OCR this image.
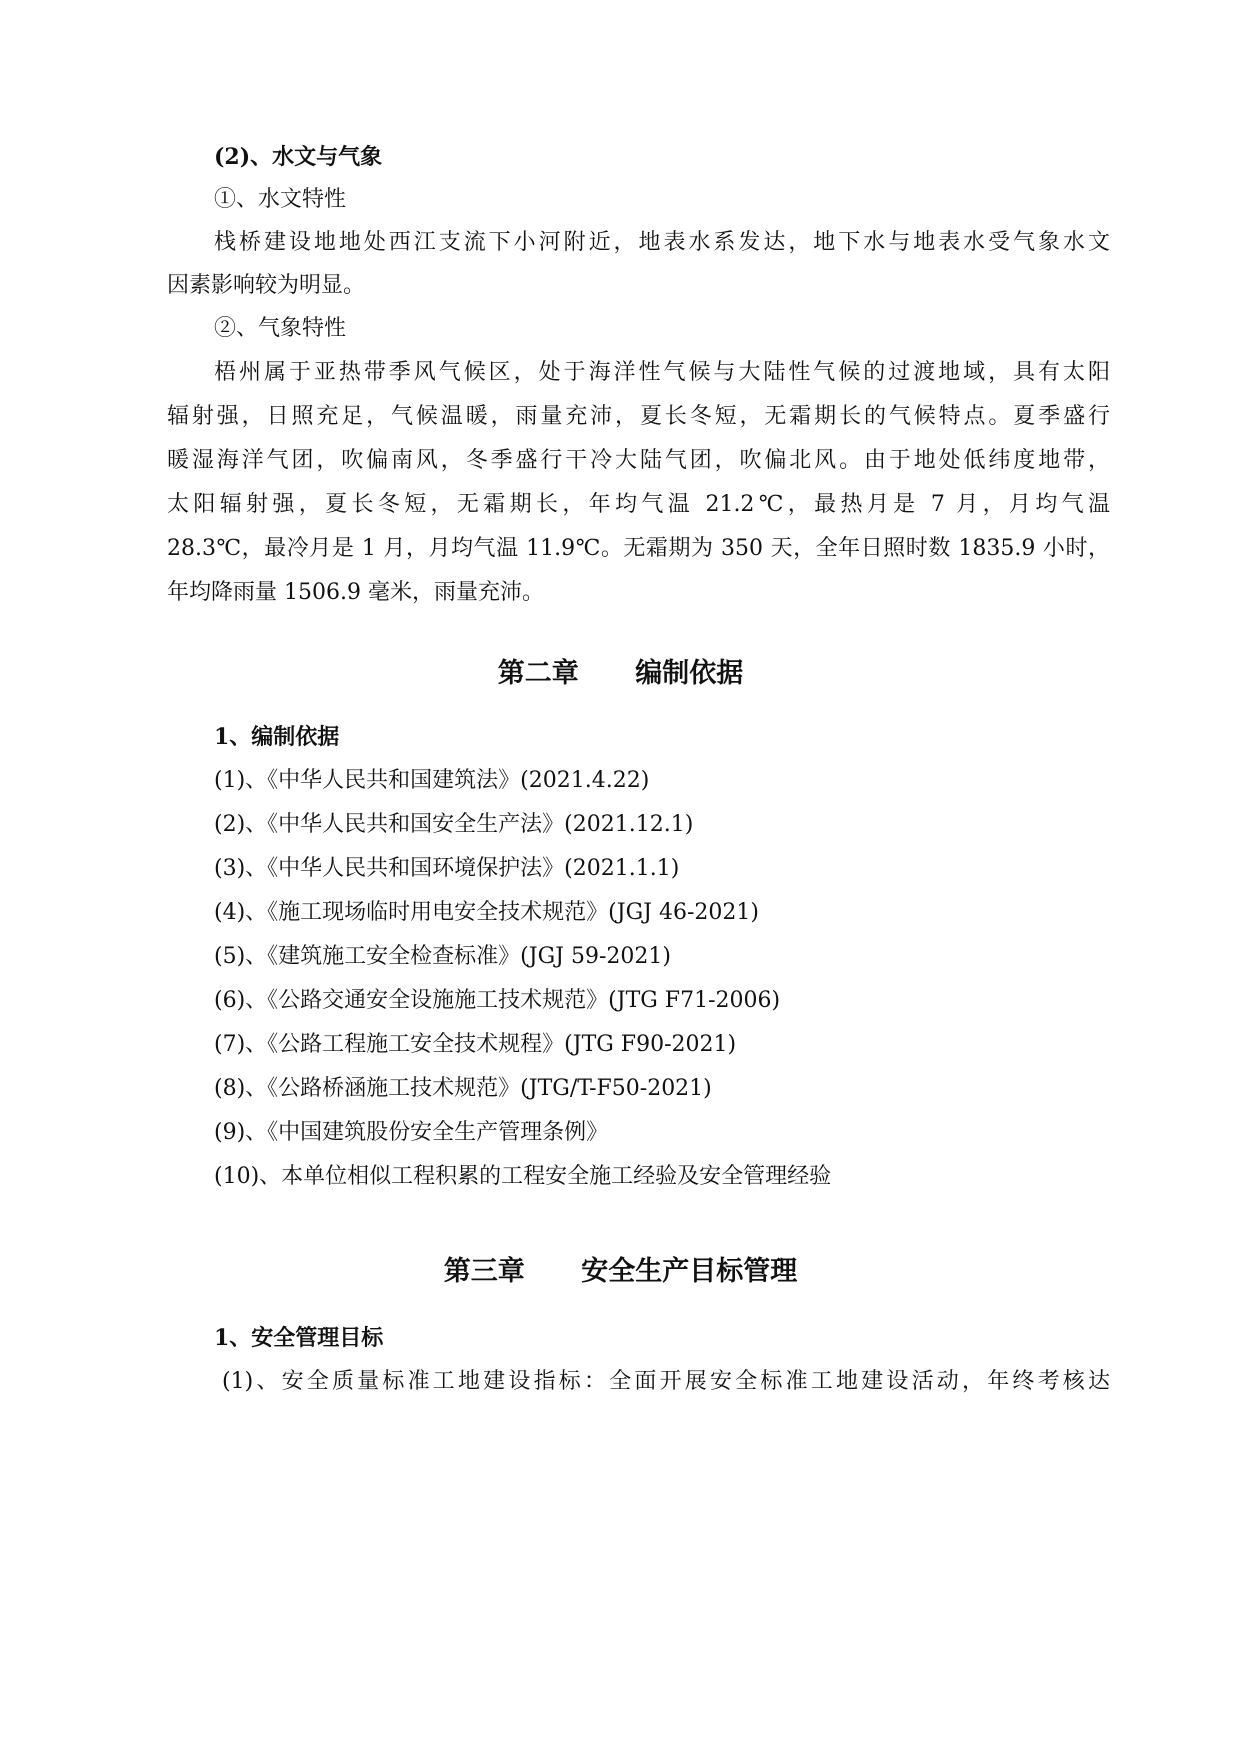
(2)、水文与气象
①、水文特性
栈桥建设地地处西江支流下小河附近，地表水系发达，地下水与地表水受气象水文
因素影响较为明显。
②、气象特性
梧州属于亚热带季风气候区，处于海洋性气候与大陆性气候的过渡地域，具有太阳
辐射强，日照充足，气候温暖，雨量充沛，夏长冬短，无霜期长的气候特点。夏季盛行
暖湿海洋气团，吹偏南风，冬季盛行干冷大陆气团，吹偏北风。由于地处低纬度地带，
太阳辐射强，夏长冬短，无霜期长，年均气温 21.2℃，最热月是 7 月，月均气温
28.3℃，最冷月是 1 月，月均气温 11.9℃。无霜期为 350 天，全年日照时数 1835.9 小时，
年均降雨量 1506.9 毫米，雨量充沛。
第二章      编制依据
1、编制依据
(1)、《中华人民共和国建筑法》(2021.4.22)
(2)、《中华人民共和国安全生产法》(2021.12.1)
(3)、《中华人民共和国环境保护法》(2021.1.1)
(4)、《施工现场临时用电安全技术规范》(JGJ 46-2021)
(5)、《建筑施工安全检查标准》(JGJ 59-2021)
(6)、《公路交通安全设施施工技术规范》(JTG F71-2006)
(7)、《公路工程施工安全技术规程》(JTG F90-2021)
(8)、《公路桥涵施工技术规范》(JTG/T-F50-2021)
(9)、《中国建筑股份安全生产管理条例》
(10)、本单位相似工程积累的工程安全施工经验及安全管理经验
第三章      安全生产目标管理
1、安全管理目标
(1)、安全质量标准工地建设指标：全面开展安全标准工地建设活动，年终考核达
